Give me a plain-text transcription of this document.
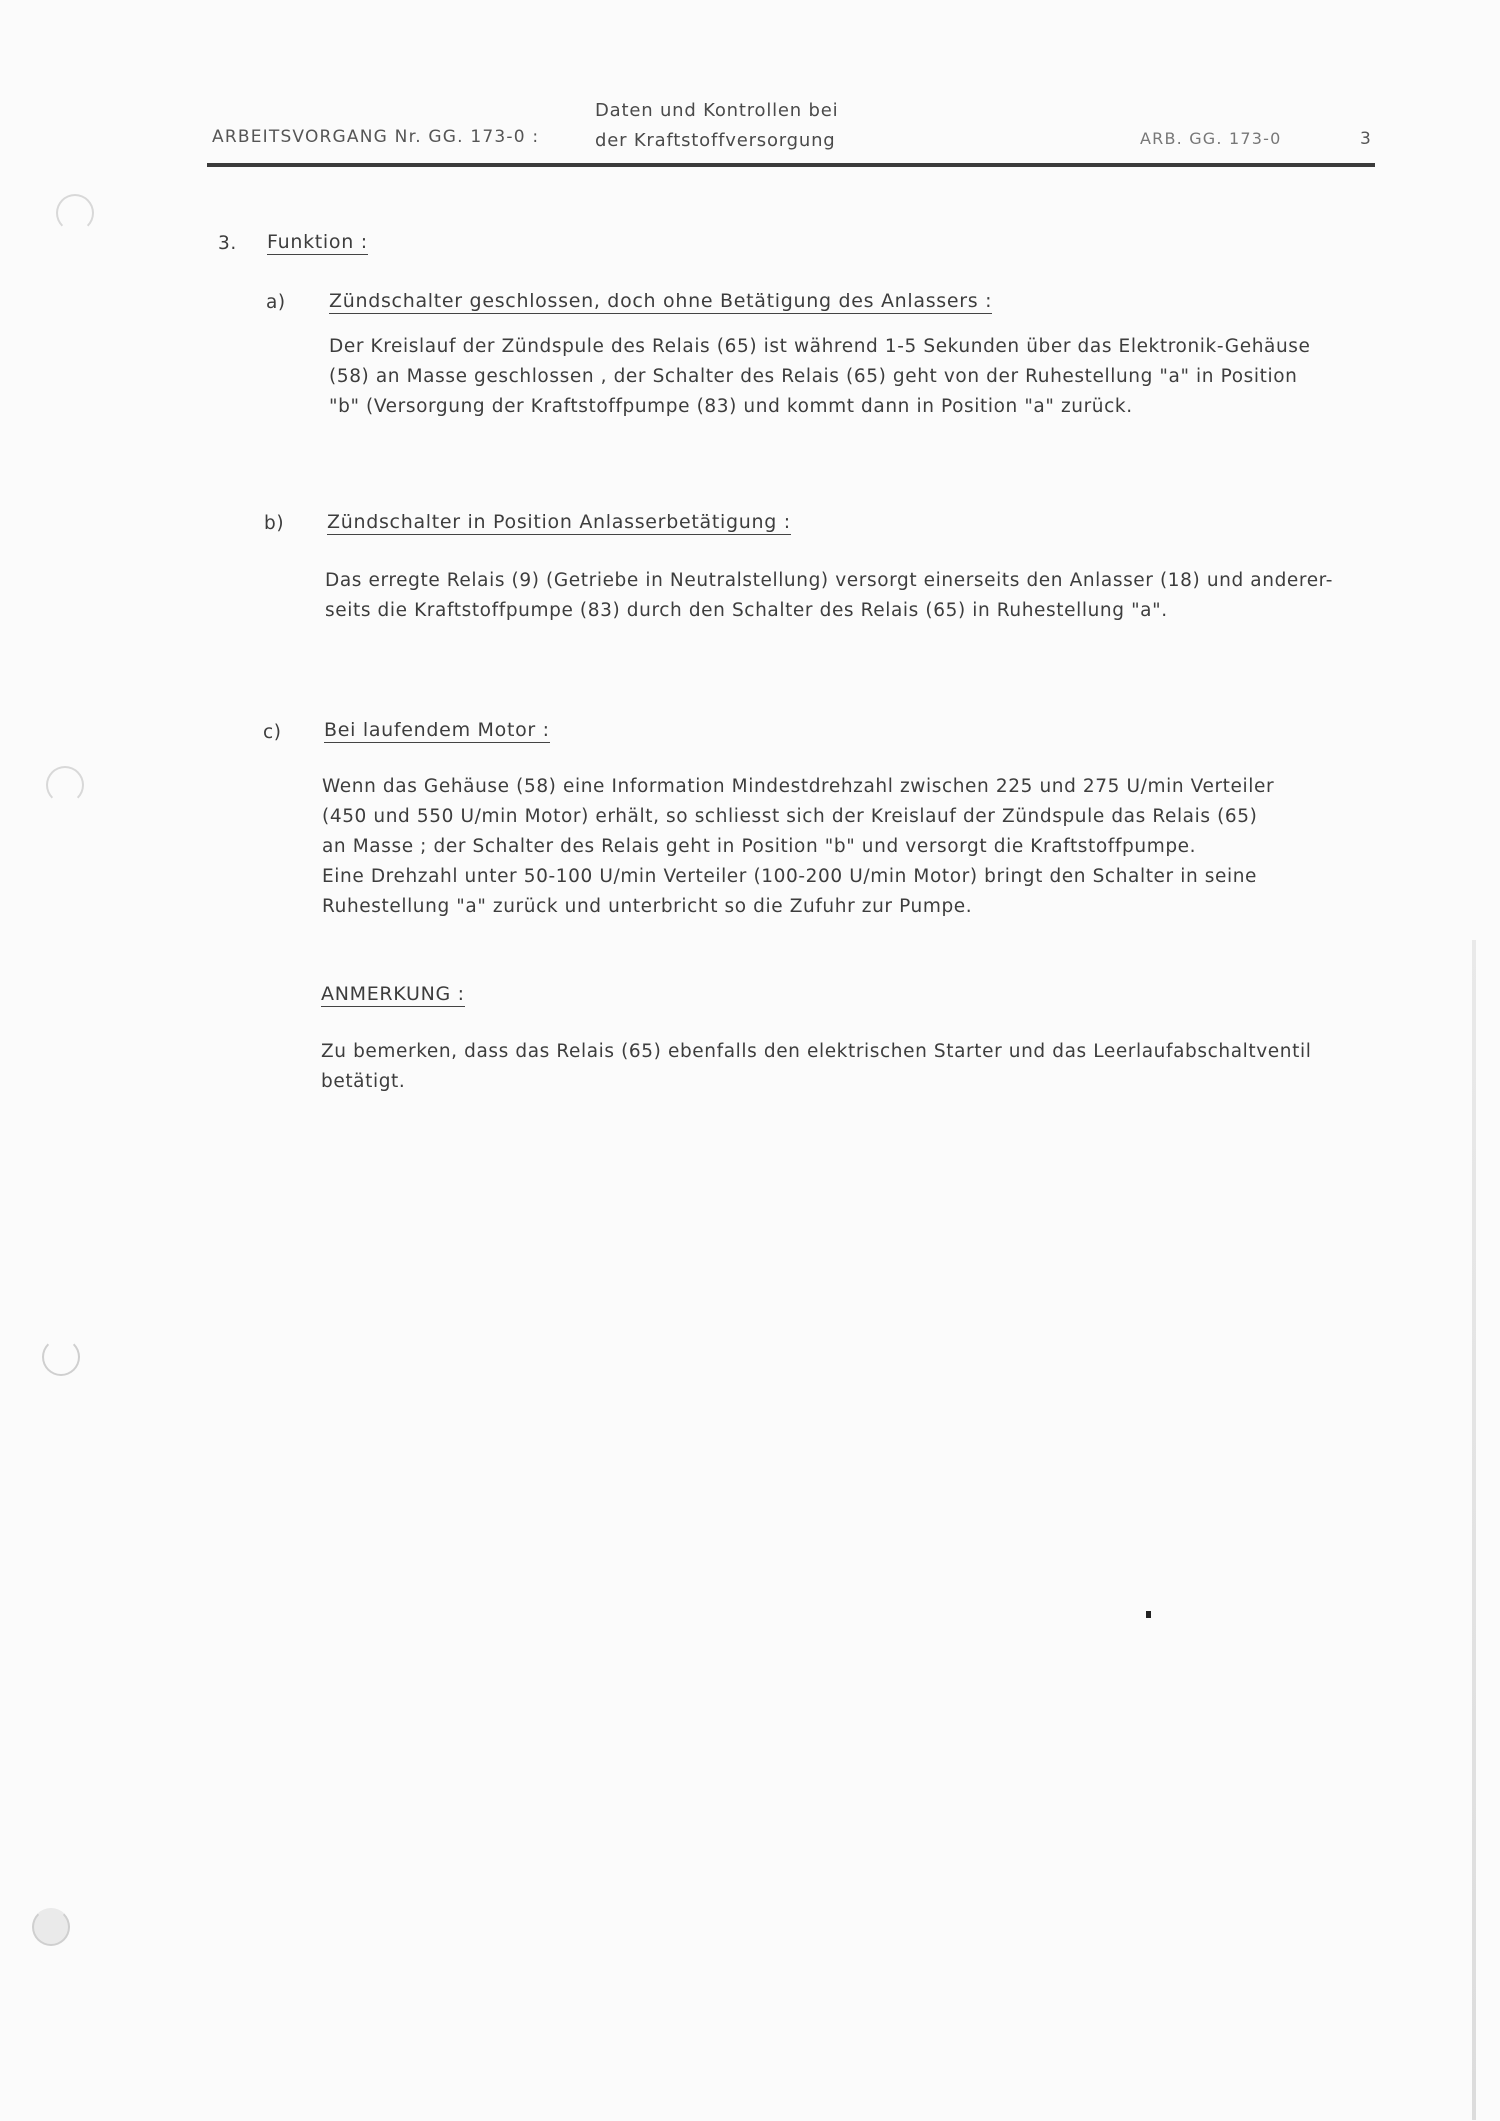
ARBEITSVORGANG Nr. GG. 173-0 :
Daten und Kontrollen bei
der Kraftstoffversorgung	ARB. GG. 173-0	3
3. Funktion :
a) Zündschalter geschlossen, doch ohne Betätigung des Anlassers :
Der Kreislauf der Zündspule des Relais (65) ist während 1-5 Sekunden über das Elektronik-Gehäuse
(58) an Masse geschlossen , der Schalter des Relais (65) geht von der Ruhestellung "a" in Position
"b" (Versorgung der Kraftstoffpumpe (83) und kommt dann in Position "a" zurück.
b) Zündschalter in Position Anlasserbetätigung :
Das erregte Relais (9) (Getriebe in Neutralstellung) versorgt einerseits den Anlasser (18) und anderer-
seits die Kraftstoffpumpe (83) durch den Schalter des Relais (65) in Ruhestellung "a".
c) Bei laufendem Motor :
Wenn das Gehäuse (58) eine Information Mindestdrehzahl zwischen 225 und 275 U/min Verteiler
(450 und 550 U/min Motor) erhält, so schliesst sich der Kreislauf der Zündspule das Relais (65)
an Masse ; der Schalter des Relais geht in Position "b" und versorgt die Kraftstoffpumpe.
Eine Drehzahl unter 50-100 U/min Verteiler (100-200 U/min Motor) bringt den Schalter in seine
Ruhestellung "a" zurück und unterbricht so die Zufuhr zur Pumpe.
ANMERKUNG :
Zu bemerken, dass das Relais (65) ebenfalls den elektrischen Starter und das Leerlaufabschaltventil
betätigt.
